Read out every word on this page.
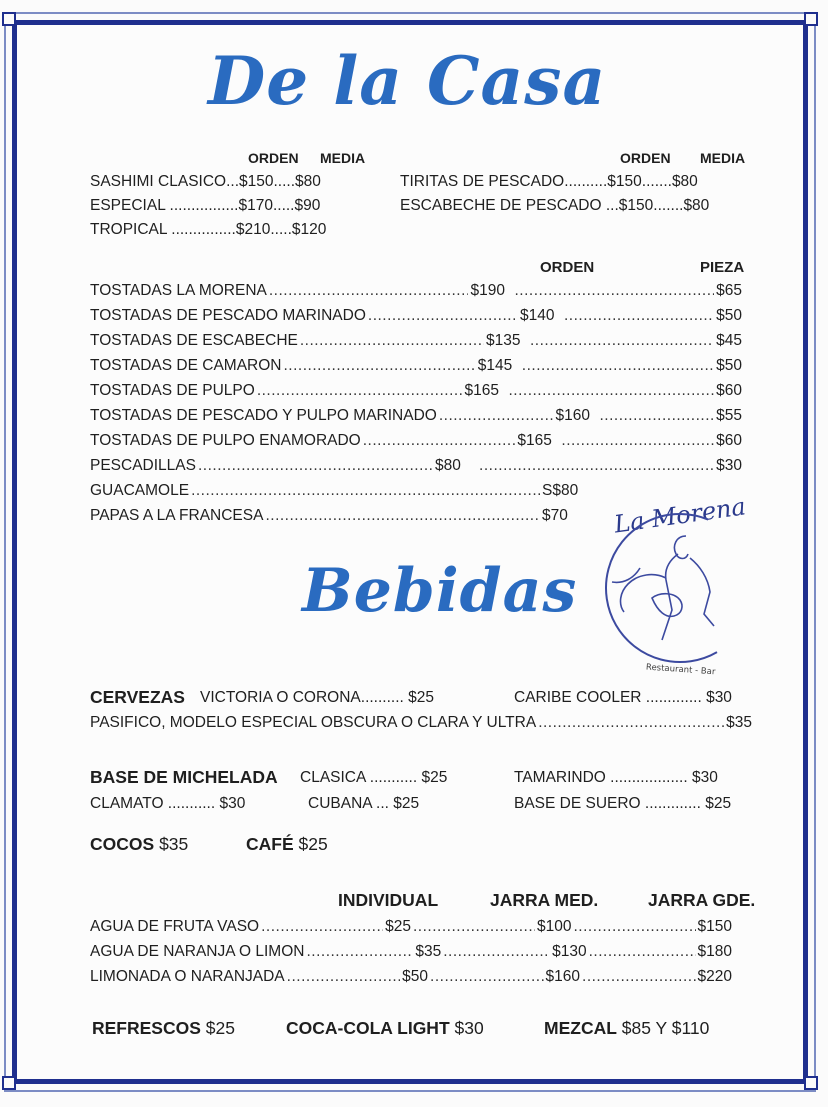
De la Casa
ORDEN MEDIA
SASHIMI CLASICO...$150.....$80
ESPECIAL ................$170.....$90
TROPICAL ...............$210.....$120
ORDEN MEDIA
TIRITAS DE PESCADO..........$150.......$80
ESCABECHE DE PESCADO ...$150.......$80
ORDEN	PIEZA
TOSTADAS LA MORENA .....	$190 .....	$65
TOSTADAS DE PESCADO MARINADO .....	$140 .....	$50
TOSTADAS DE ESCABECHE .....	$135 .....	$45
TOSTADAS DE CAMARON .....	$145 .....	$50
TOSTADAS DE PULPO .....	$165 .....	$60
TOSTADAS DE PESCADO Y PULPO MARINADO .....	$160 .....	$55
TOSTADAS DE PULPO ENAMORADO .....	$165 .....	$60
PESCADILLAS .....	$80 .....	$30
GUACAMOLE .....	S$80
PAPAS A LA FRANCESA .....	$70	La Morena
Restaurant - Bar
Bebidas
CERVEZAS VICTORIA O CORONA.......... $25	CARIBE COOLER ............. $30
PASIFICO, MODELO ESPECIAL OBSCURA O CLARA Y ULTRA .....	$35
BASE DE MICHELADA CLASICA ........... $25	TAMARINDO .................. $30
CLAMATO ........... $30	CUBANA ... $25	BASE DE SUERO ............. $25
COCOS $35	CAFÉ $25
INDIVIDUAL	JARRA MED.	JARRA GDE.
AGUA DE FRUTA VASO .....	$25 .....	$100 .....	$150
AGUA DE NARANJA O LIMON .....	$35 .....	$130 .....	$180
LIMONADA O NARANJADA .....	$50 .....	$160 .....	$220
REFRESCOS $25	COCA-COLA LIGHT $30	MEZCAL $85 Y $110
